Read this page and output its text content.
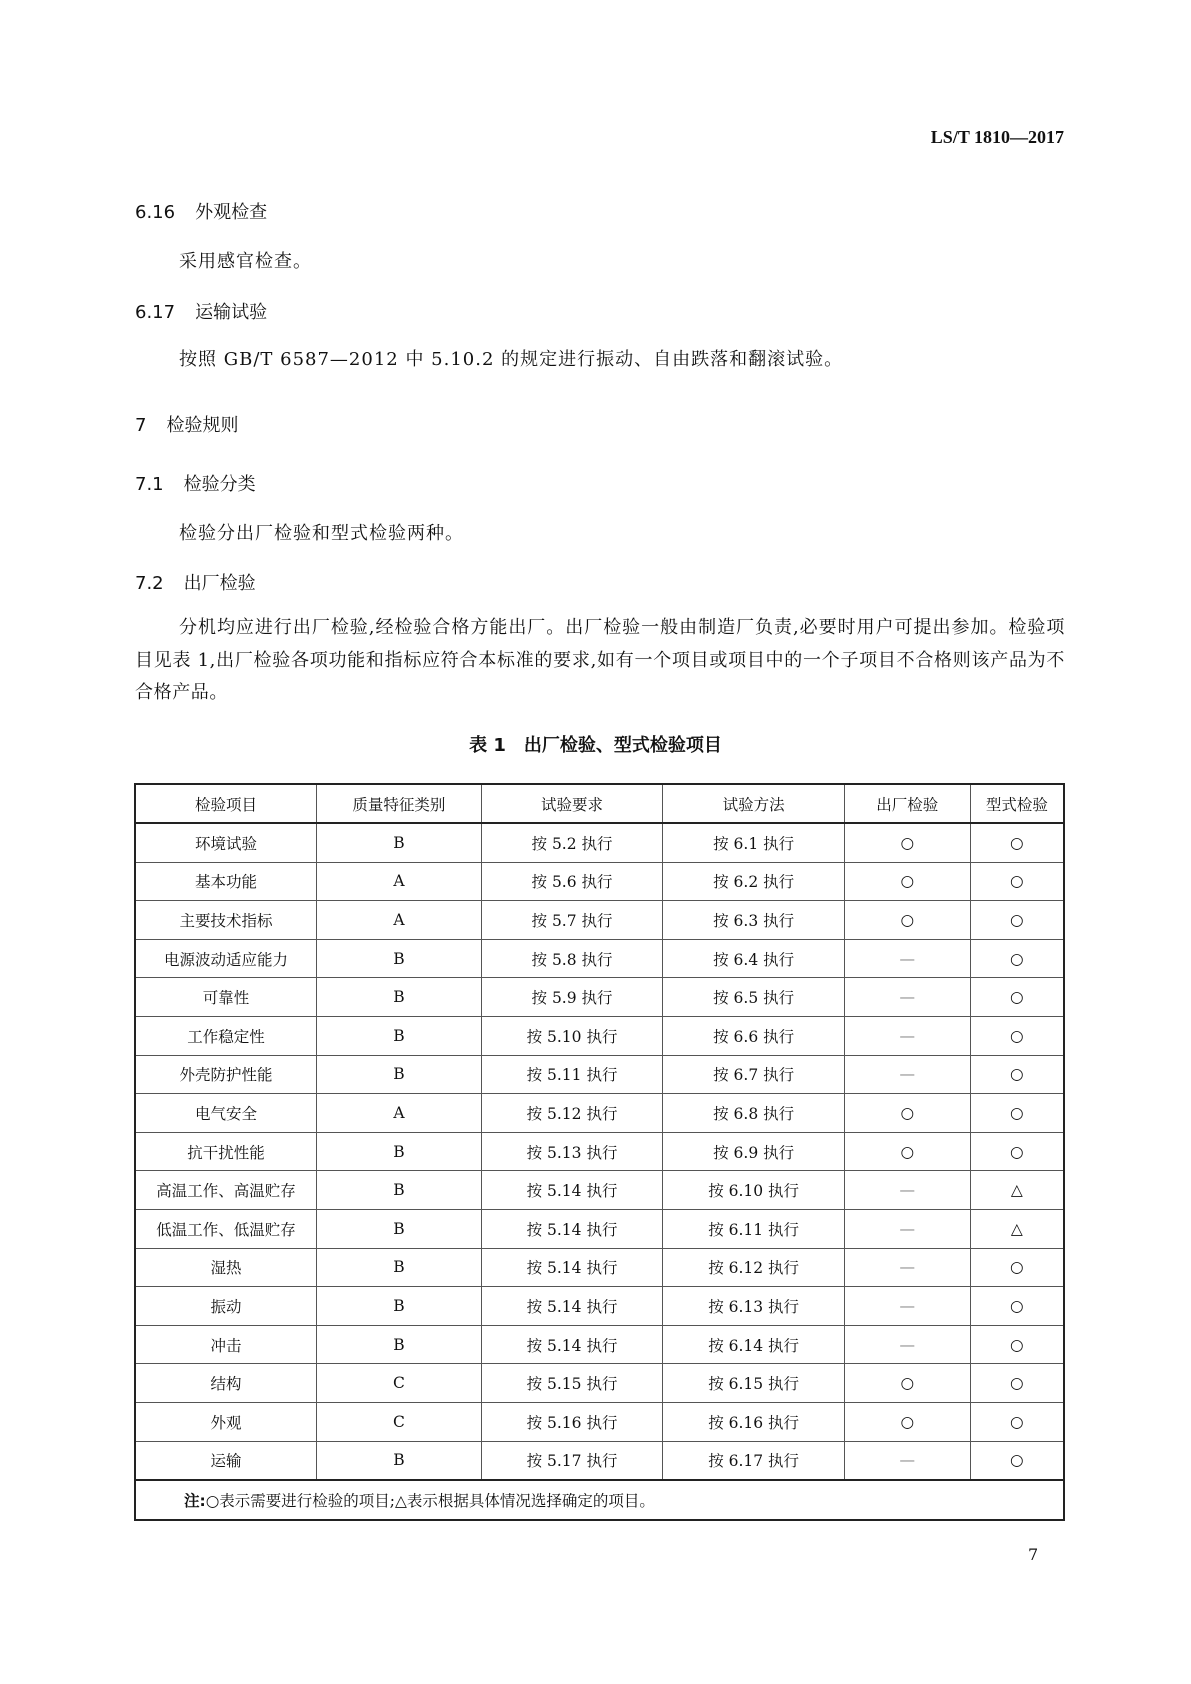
LS/T 1810—2017
6.16 外观检查
采用感官检查。
6.17 运输试验
按照 GB/T 6587—2012 中 5.10.2 的规定进行振动、自由跌落和翻滚试验。
7 检验规则
7.1 检验分类
检验分出厂检验和型式检验两种。
7.2 出厂检验
分机均应进行出厂检验,经检验合格方能出厂。出厂检验一般由制造厂负责,必要时用户可提出参加。检验项目见表 1,出厂检验各项功能和指标应符合本标准的要求,如有一个项目或项目中的一个子项目不合格则该产品为不合格产品。
表 1　出厂检验、型式检验项目
检验项目	质量特征类别	试验要求	试验方法	出厂检验	型式检验
环境试验	B	按 5.2 执行	按 6.1 执行	○	○
基本功能	A	按 5.6 执行	按 6.2 执行	○	○
主要技术指标	A	按 5.7 执行	按 6.3 执行	○	○
电源波动适应能力	B	按 5.8 执行	按 6.4 执行	—	○
可靠性	B	按 5.9 执行	按 6.5 执行	—	○
工作稳定性	B	按 5.10 执行	按 6.6 执行	—	○
外壳防护性能	B	按 5.11 执行	按 6.7 执行	—	○
电气安全	A	按 5.12 执行	按 6.8 执行	○	○
抗干扰性能	B	按 5.13 执行	按 6.9 执行	○	○
高温工作、高温贮存	B	按 5.14 执行	按 6.10 执行	—	△
低温工作、低温贮存	B	按 5.14 执行	按 6.11 执行	—	△
湿热	B	按 5.14 执行	按 6.12 执行	—	○
振动	B	按 5.14 执行	按 6.13 执行	—	○
冲击	B	按 5.14 执行	按 6.14 执行	—	○
结构	C	按 5.15 执行	按 6.15 执行	○	○
外观	C	按 5.16 执行	按 6.16 执行	○	○
运输	B	按 5.17 执行	按 6.17 执行	—	○
注:○表示需要进行检验的项目;△表示根据具体情况选择确定的项目。					
7
